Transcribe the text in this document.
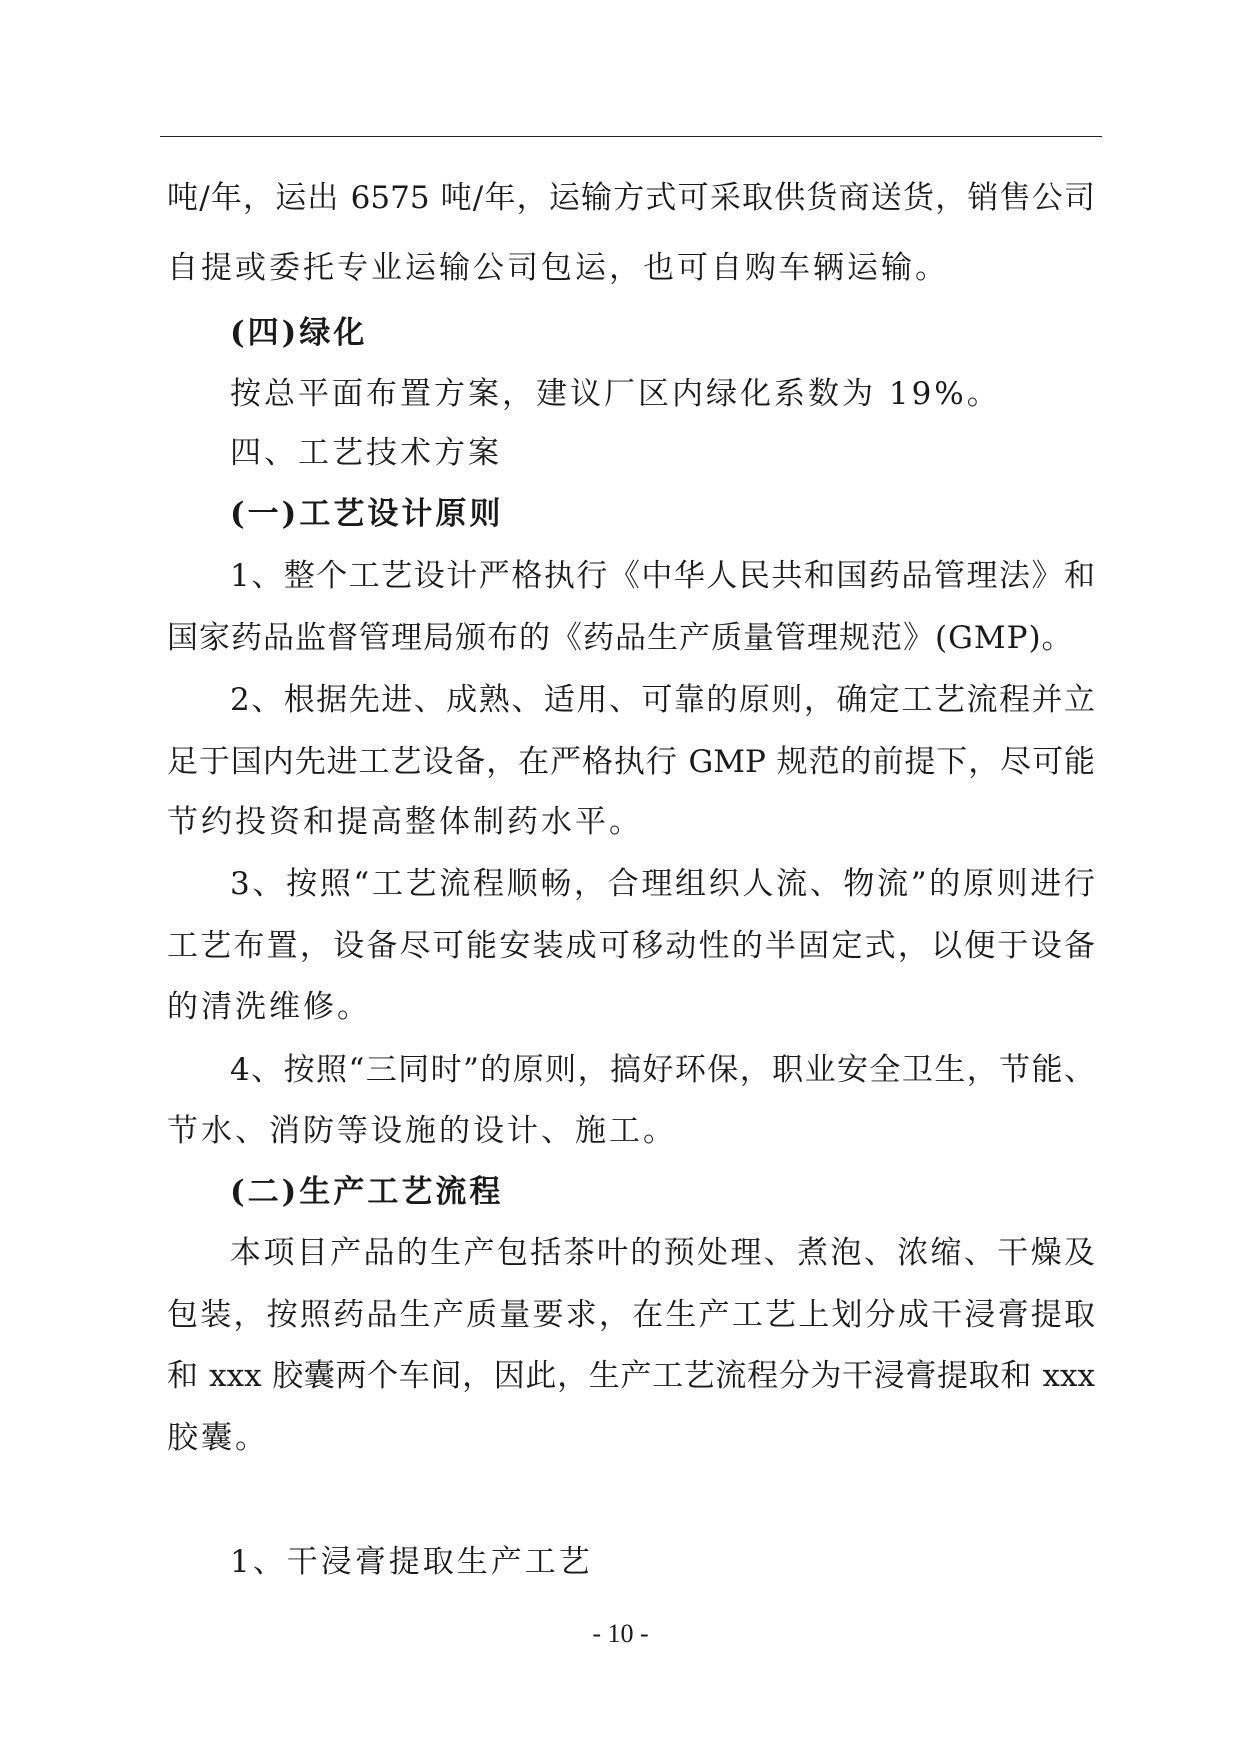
吨/年，运出 6575 吨/年，运输方式可采取供货商送货，销售公司
自提或委托专业运输公司包运，也可自购车辆运输。
(四)绿化
按总平面布置方案，建议厂区内绿化系数为 19%。
四、工艺技术方案
(一)工艺设计原则
1、整个工艺设计严格执行《中华人民共和国药品管理法》和
国家药品监督管理局颁布的《药品生产质量管理规范》(GMP)。
2、根据先进、成熟、适用、可靠的原则，确定工艺流程并立
足于国内先进工艺设备，在严格执行 GMP 规范的前提下，尽可能
节约投资和提高整体制药水平。
3、按照“工艺流程顺畅，合理组织人流、物流”的原则进行
工艺布置，设备尽可能安装成可移动性的半固定式，以便于设备
的清洗维修。
4、按照“三同时”的原则，搞好环保，职业安全卫生，节能、
节水、消防等设施的设计、施工。
(二)生产工艺流程
本项目产品的生产包括茶叶的预处理、煮泡、浓缩、干燥及
包装，按照药品生产质量要求，在生产工艺上划分成干浸膏提取
和 xxx 胶囊两个车间，因此，生产工艺流程分为干浸膏提取和 xxx
胶囊。
1、干浸膏提取生产工艺
- 10 -
